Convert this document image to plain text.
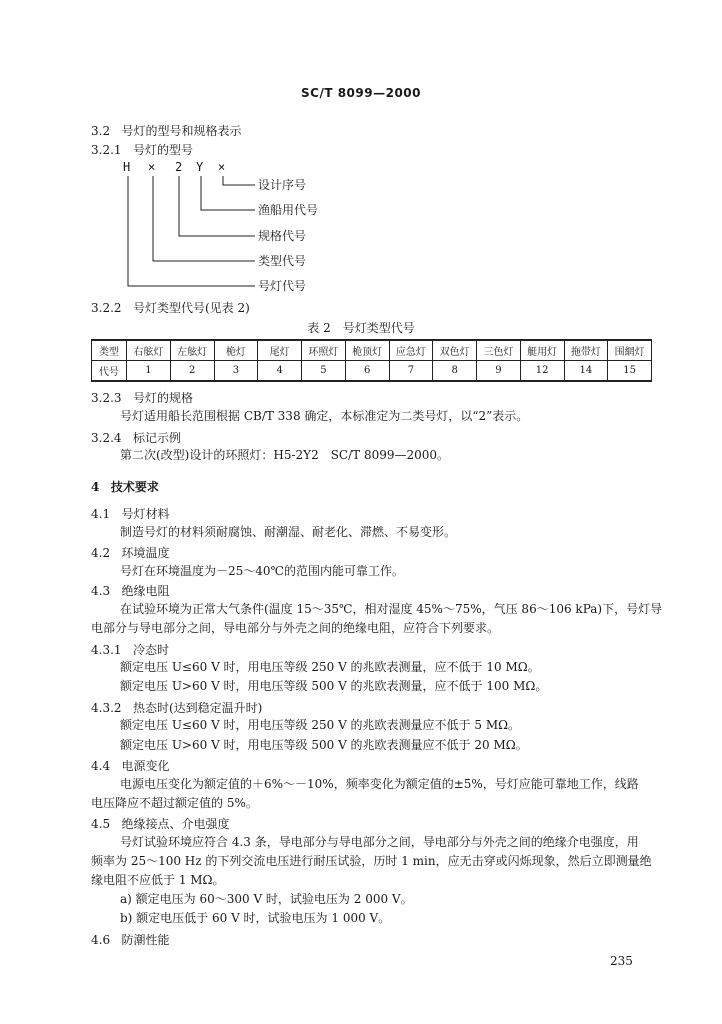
SC/T 8099—2000
3.2 号灯的型号和规格表示
3.2.1 号灯的型号
H × 2 Y ×
设计序号
渔船用代号
规格代号
类型代号
号灯代号
3.2.2 号灯类型代号(见表 2)
表 2　号灯类型代号
类型	右舷灯	左舷灯	桅灯	尾灯	环照灯	桅顶灯	应急灯	双色灯	三色灯	艇用灯	拖带灯	围網灯
代号	1	2	3	4	5	6	7	8	9	12	14	15
3.2.3 号灯的规格
号灯适用船长范围根据 CB/T 338 确定，本标准定为二类号灯，以“2”表示。
3.2.4 标记示例
第二次(改型)设计的环照灯：H5-2Y2　SC/T 8099—2000。
4 技术要求
4.1 号灯材料
制造号灯的材料须耐腐蚀、耐潮湿、耐老化、滞燃、不易变形。
4.2 环境温度
号灯在环境温度为－25～40℃的范围内能可靠工作。
4.3 绝缘电阻
在试验环境为正常大气条件(温度 15～35℃，相对湿度 45%～75%，气压 86～106 kPa)下，号灯导
电部分与导电部分之间，导电部分与外壳之间的绝缘电阻，应符合下列要求。
4.3.1 冷态时
额定电压 U≤60 V 时，用电压等级 250 V 的兆欧表测量，应不低于 10 MΩ。
额定电压 U>60 V 时，用电压等级 500 V 的兆欧表测量，应不低于 100 MΩ。
4.3.2 热态时(达到稳定温升时)
额定电压 U≤60 V 时，用电压等级 250 V 的兆欧表测量应不低于 5 MΩ。
额定电压 U>60 V 时，用电压等级 500 V 的兆欧表测量应不低于 20 MΩ。
4.4 电源变化
电源电压变化为额定值的＋6%～－10%，频率变化为额定值的±5%，号灯应能可靠地工作，线路
电压降应不超过额定值的 5%。
4.5 绝缘接点、介电强度
号灯试验环境应符合 4.3 条，导电部分与导电部分之间，导电部分与外壳之间的绝缘介电强度，用
频率为 25～100 Hz 的下列交流电压进行耐压试验，历时 1 min，应无击穿或闪烁现象，然后立即测量绝
缘电阻不应低于 1 MΩ。
a) 额定电压为 60～300 V 时，试验电压为 2 000 V。
b) 额定电压低于 60 V 时，试验电压为 1 000 V。
4.6 防潮性能
235
